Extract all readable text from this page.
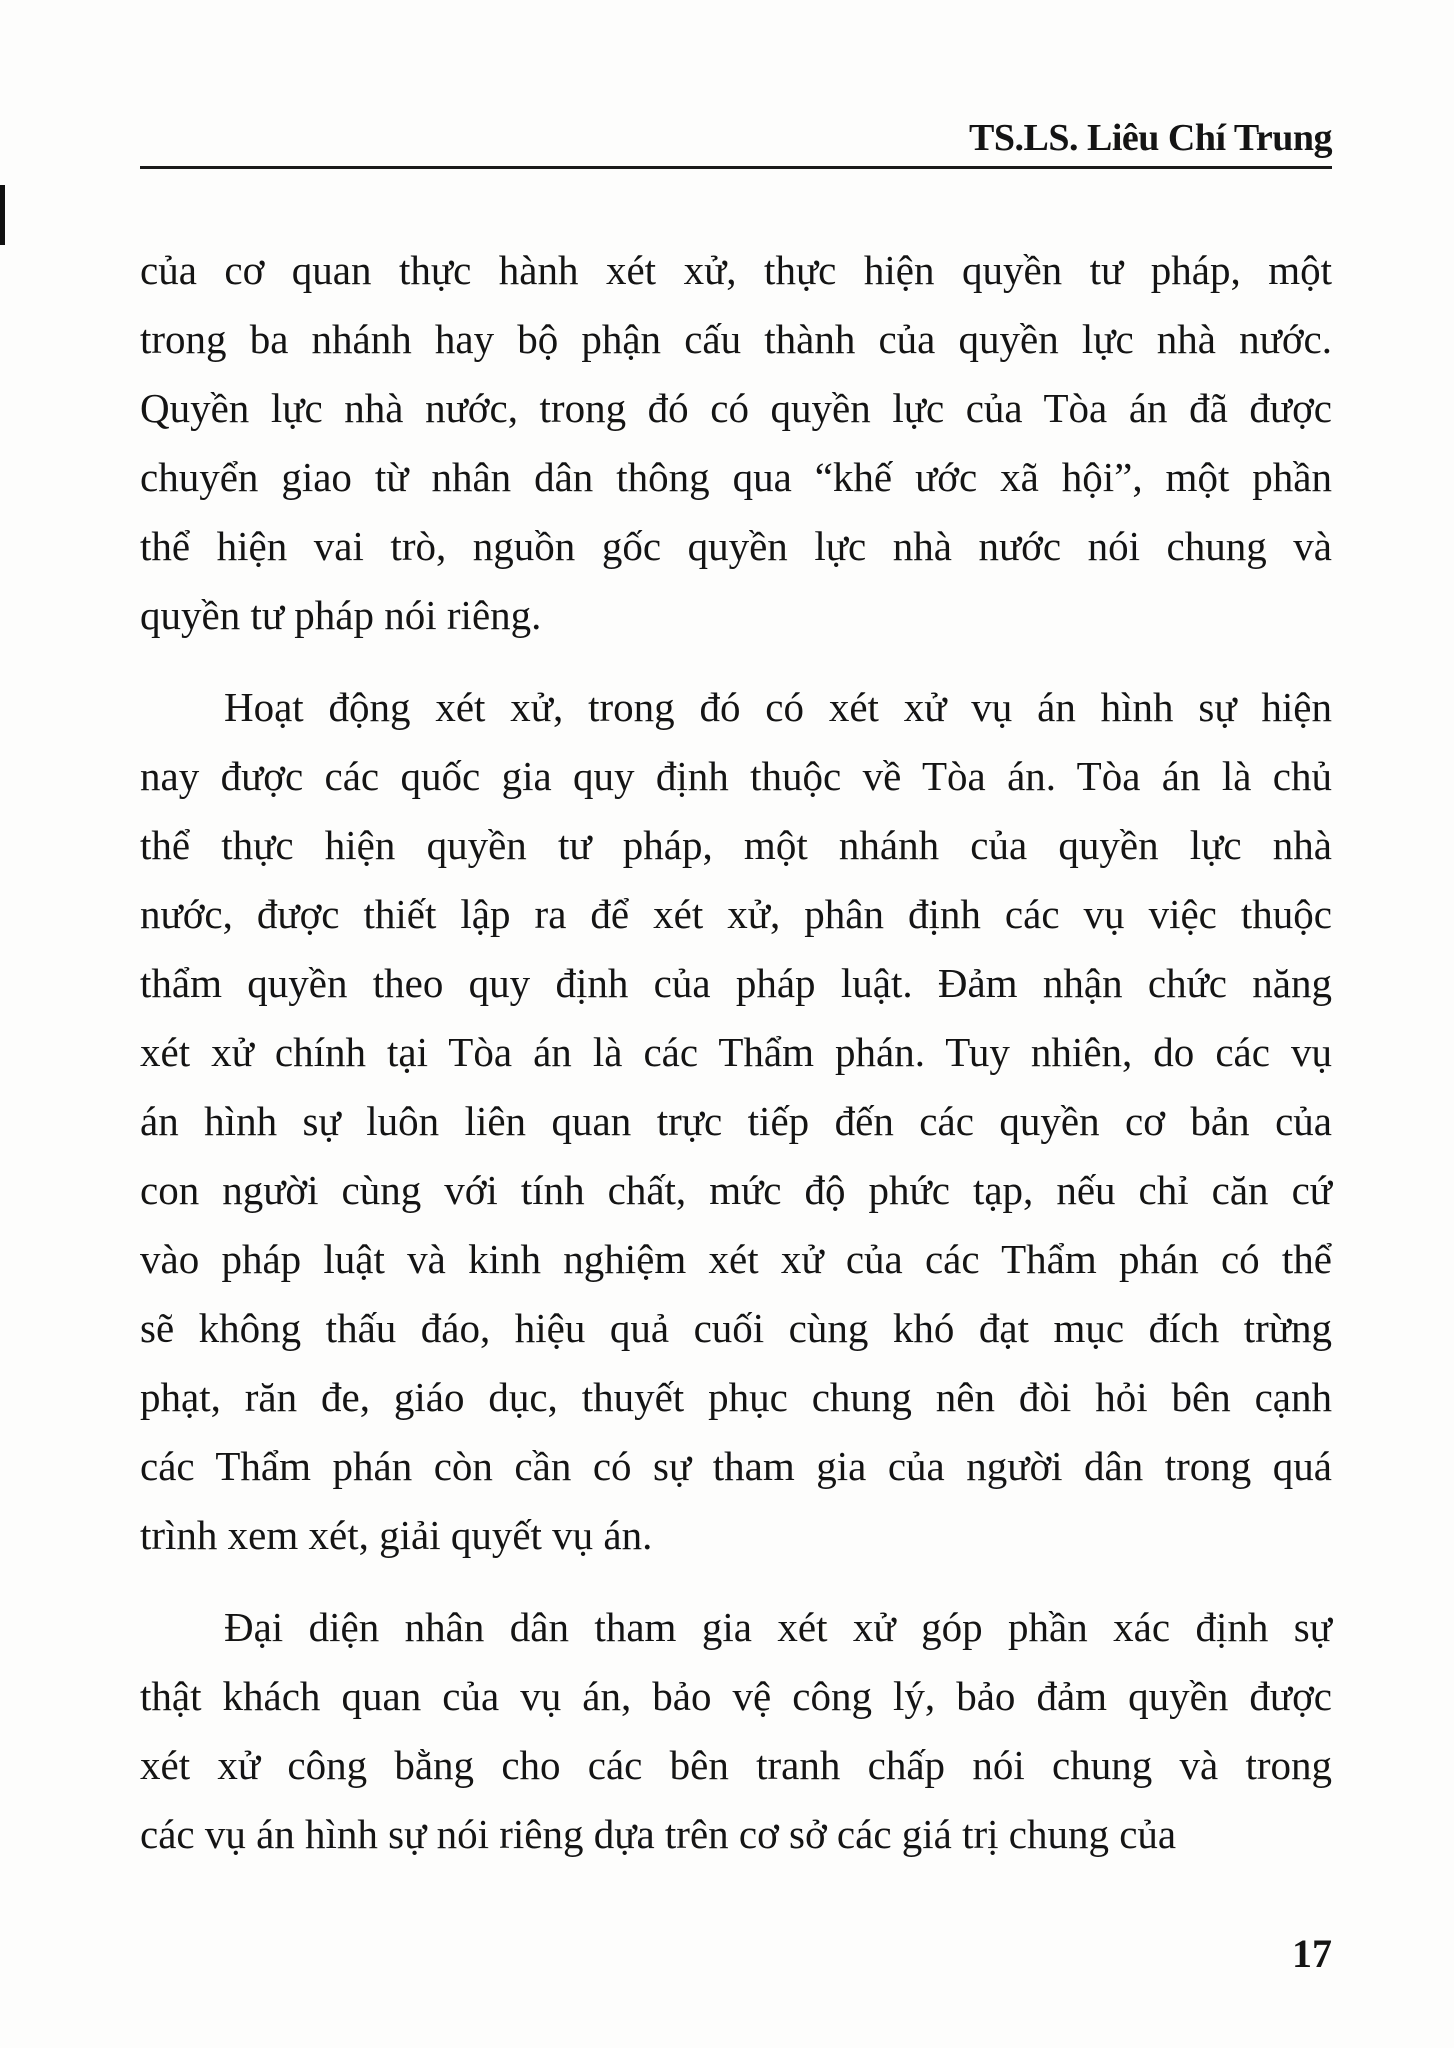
TS.LS. Liêu Chí Trung
của cơ quan thực hành xét xử, thực hiện quyền tư pháp, một
trong ba nhánh hay bộ phận cấu thành của quyền lực nhà nước.
Quyền lực nhà nước, trong đó có quyền lực của Tòa án đã được
chuyển giao từ nhân dân thông qua “khế ước xã hội”, một phần
thể hiện vai trò, nguồn gốc quyền lực nhà nước nói chung và
quyền tư pháp nói riêng.
Hoạt động xét xử, trong đó có xét xử vụ án hình sự hiện
nay được các quốc gia quy định thuộc về Tòa án. Tòa án là chủ
thể thực hiện quyền tư pháp, một nhánh của quyền lực nhà
nước, được thiết lập ra để xét xử, phân định các vụ việc thuộc
thẩm quyền theo quy định của pháp luật. Đảm nhận chức năng
xét xử chính tại Tòa án là các Thẩm phán. Tuy nhiên, do các vụ
án hình sự luôn liên quan trực tiếp đến các quyền cơ bản của
con người cùng với tính chất, mức độ phức tạp, nếu chỉ căn cứ
vào pháp luật và kinh nghiệm xét xử của các Thẩm phán có thể
sẽ không thấu đáo, hiệu quả cuối cùng khó đạt mục đích trừng
phạt, răn đe, giáo dục, thuyết phục chung nên đòi hỏi bên cạnh
các Thẩm phán còn cần có sự tham gia của người dân trong quá
trình xem xét, giải quyết vụ án.
Đại diện nhân dân tham gia xét xử góp phần xác định sự
thật khách quan của vụ án, bảo vệ công lý, bảo đảm quyền được
xét xử công bằng cho các bên tranh chấp nói chung và trong
các vụ án hình sự nói riêng dựa trên cơ sở các giá trị chung của
17
